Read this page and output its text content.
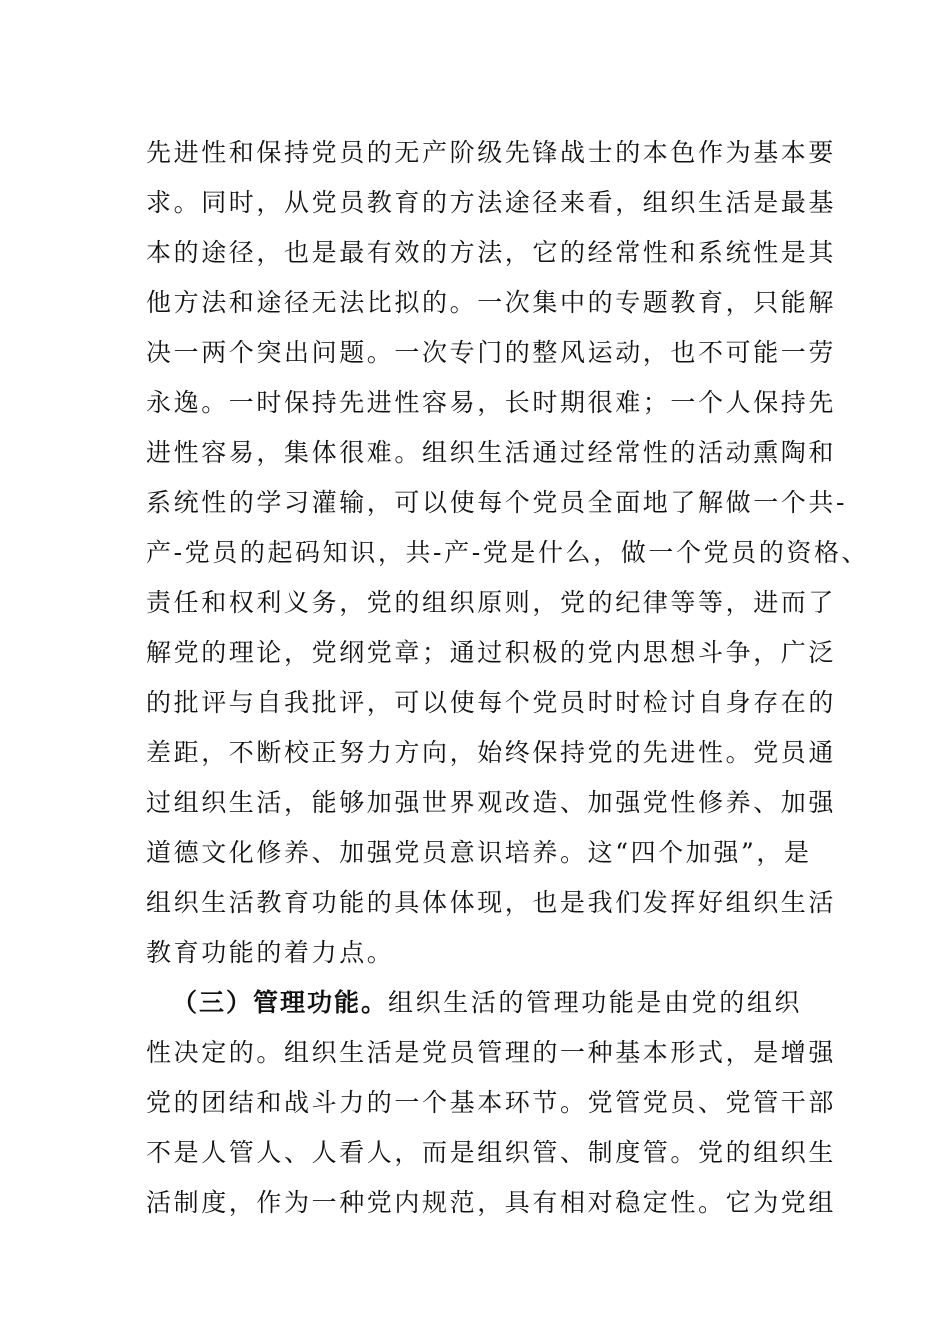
先进性和保持党员的无产阶级先锋战士的本色作为基本要
求。同时，从党员教育的方法途径来看，组织生活是最基
本的途径，也是最有效的方法，它的经常性和系统性是其
他方法和途径无法比拟的。一次集中的专题教育，只能解
决一两个突出问题。一次专门的整风运动，也不可能一劳
永逸。一时保持先进性容易，长时期很难；一个人保持先
进性容易，集体很难。组织生活通过经常性的活动熏陶和
系统性的学习灌输，可以使每个党员全面地了解做一个共-
产-党员的起码知识，共-产-党是什么，做一个党员的资格、
责任和权利义务，党的组织原则，党的纪律等等，进而了
解党的理论，党纲党章；通过积极的党内思想斗争，广泛
的批评与自我批评，可以使每个党员时时检讨自身存在的
差距，不断校正努力方向，始终保持党的先进性。党员通
过组织生活，能够加强世界观改造、加强党性修养、加强
道德文化修养、加强党员意识培养。这“四个加强”，是
组织生活教育功能的具体体现，也是我们发挥好组织生活
教育功能的着力点。
（三）管理功能。组织生活的管理功能是由党的组织
性决定的。组织生活是党员管理的一种基本形式，是增强
党的团结和战斗力的一个基本环节。党管党员、党管干部
不是人管人、人看人，而是组织管、制度管。党的组织生
活制度，作为一种党内规范，具有相对稳定性。它为党组
